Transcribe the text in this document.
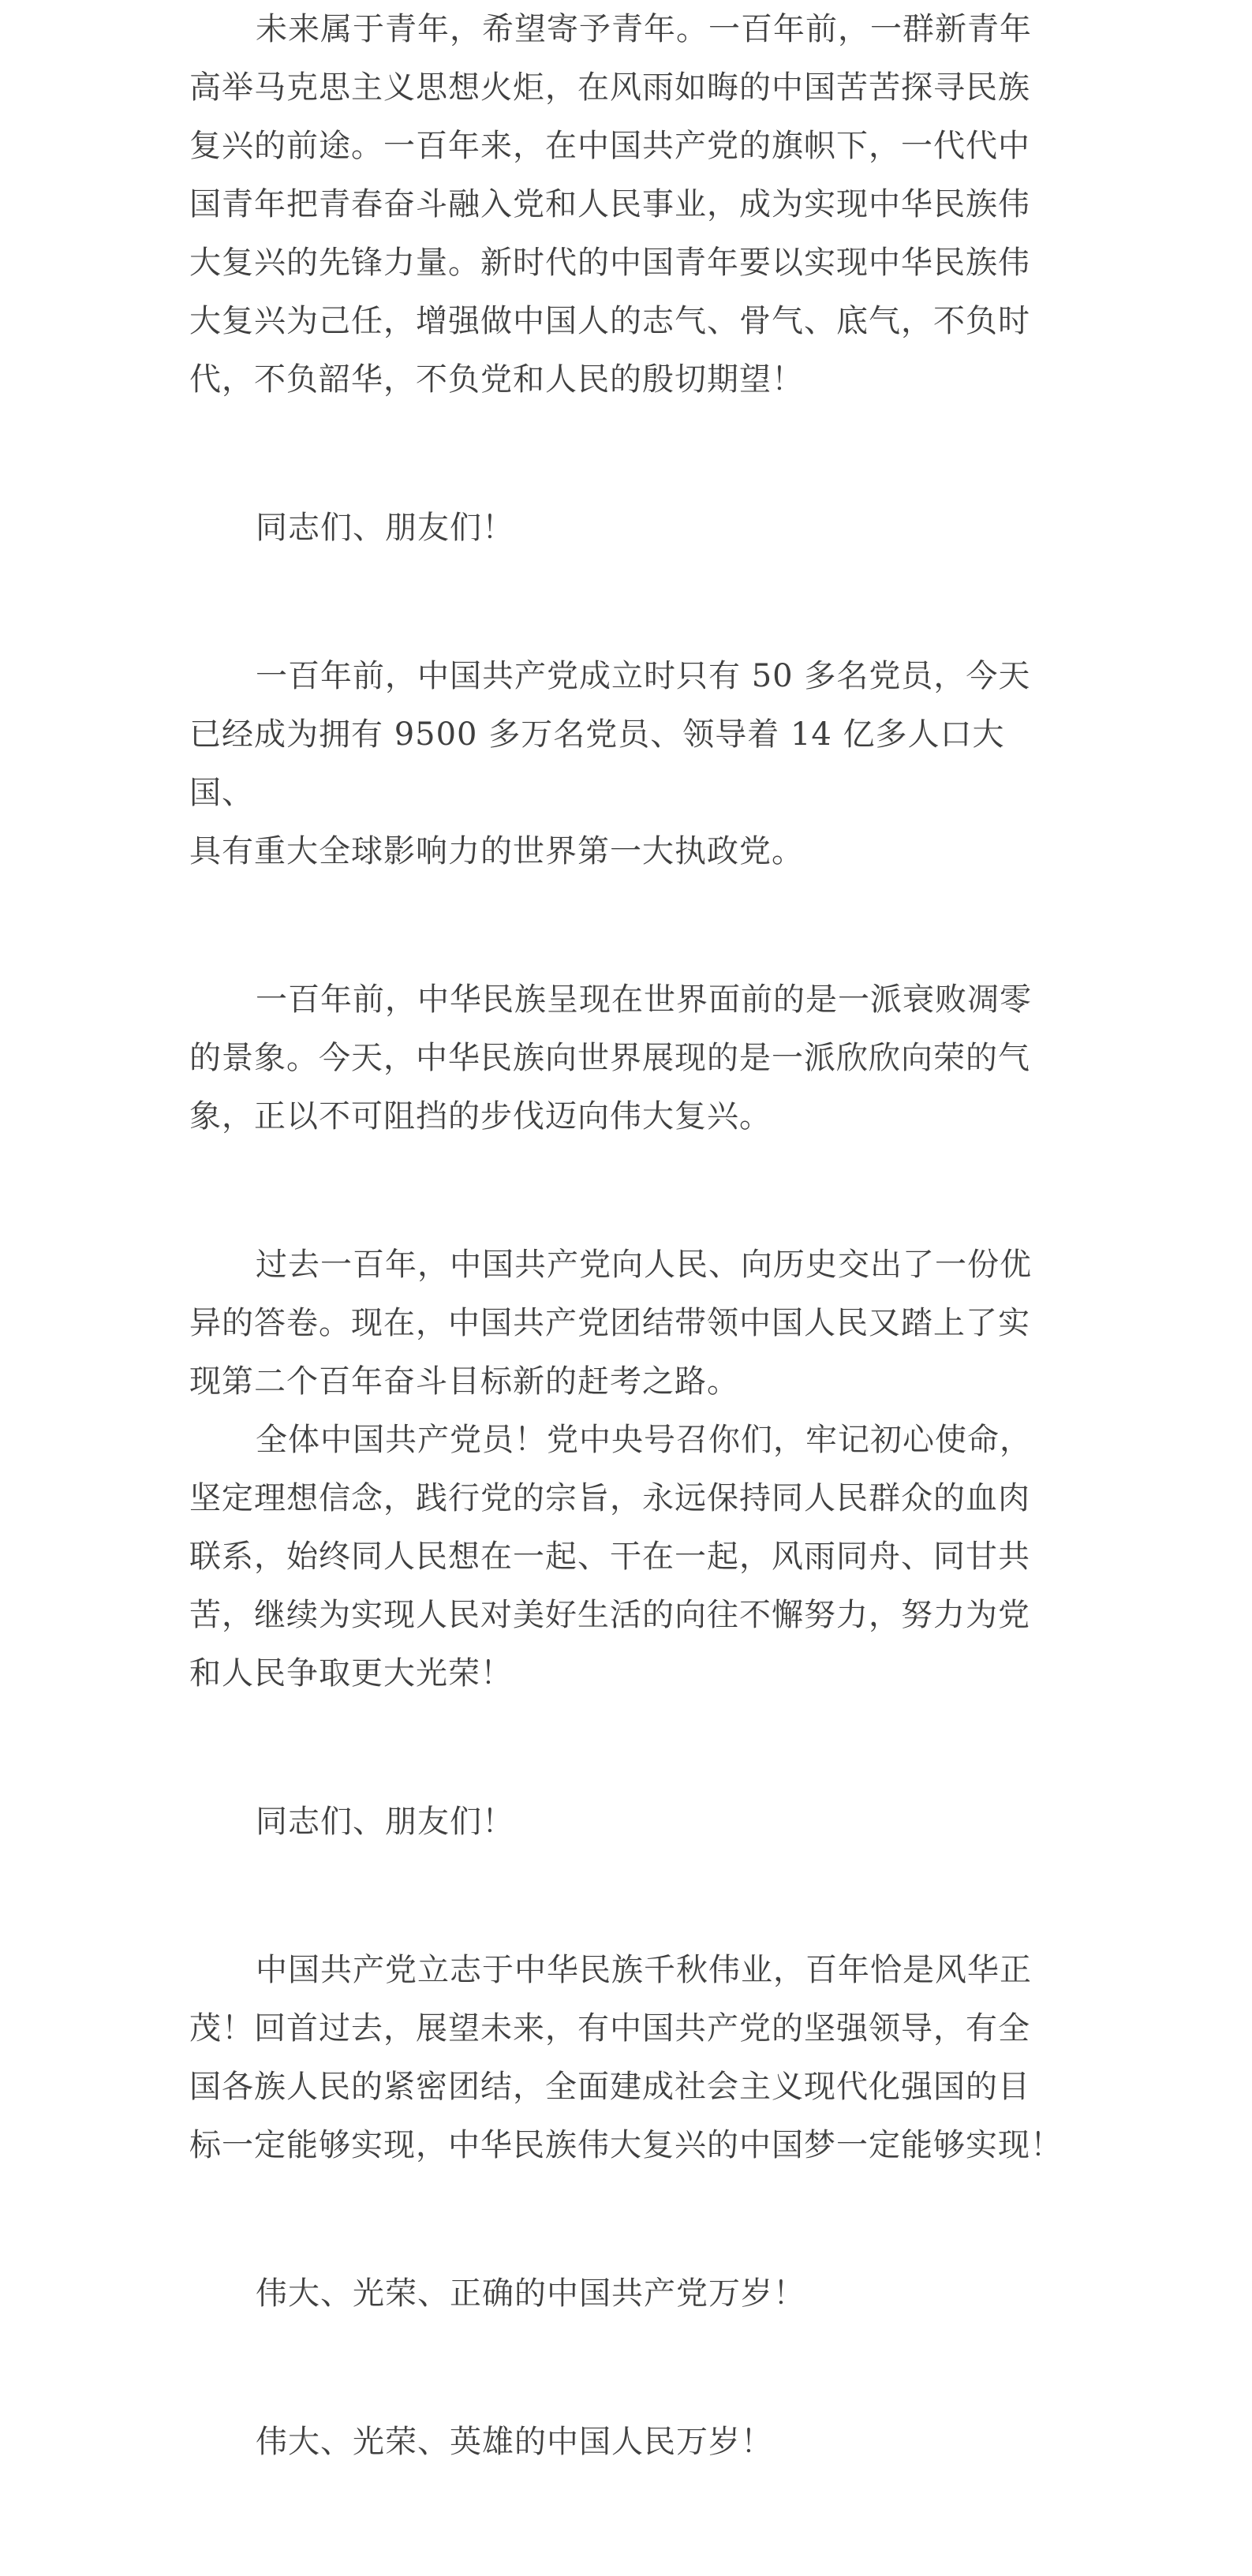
未来属于青年，希望寄予青年。一百年前，一群新青年
高举马克思主义思想火炬，在风雨如晦的中国苦苦探寻民族
复兴的前途。一百年来，在中国共产党的旗帜下，一代代中
国青年把青春奋斗融入党和人民事业，成为实现中华民族伟
大复兴的先锋力量。新时代的中国青年要以实现中华民族伟
大复兴为己任，增强做中国人的志气、骨气、底气，不负时
代，不负韶华，不负党和人民的殷切期望！

同志们、朋友们！

一百年前，中国共产党成立时只有 50 多名党员，今天
已经成为拥有 9500 多万名党员、领导着 14 亿多人口大国、
具有重大全球影响力的世界第一大执政党。

一百年前，中华民族呈现在世界面前的是一派衰败凋零
的景象。今天，中华民族向世界展现的是一派欣欣向荣的气
象，正以不可阻挡的步伐迈向伟大复兴。

过去一百年，中国共产党向人民、向历史交出了一份优
异的答卷。现在，中国共产党团结带领中国人民又踏上了实
现第二个百年奋斗目标新的赶考之路。

全体中国共产党员！党中央号召你们，牢记初心使命，
坚定理想信念，践行党的宗旨，永远保持同人民群众的血肉
联系，始终同人民想在一起、干在一起，风雨同舟、同甘共
苦，继续为实现人民对美好生活的向往不懈努力，努力为党
和人民争取更大光荣！

同志们、朋友们！

中国共产党立志于中华民族千秋伟业，百年恰是风华正
茂！回首过去，展望未来，有中国共产党的坚强领导，有全
国各族人民的紧密团结，全面建成社会主义现代化强国的目
标一定能够实现，中华民族伟大复兴的中国梦一定能够实现！

伟大、光荣、正确的中国共产党万岁！

伟大、光荣、英雄的中国人民万岁！
